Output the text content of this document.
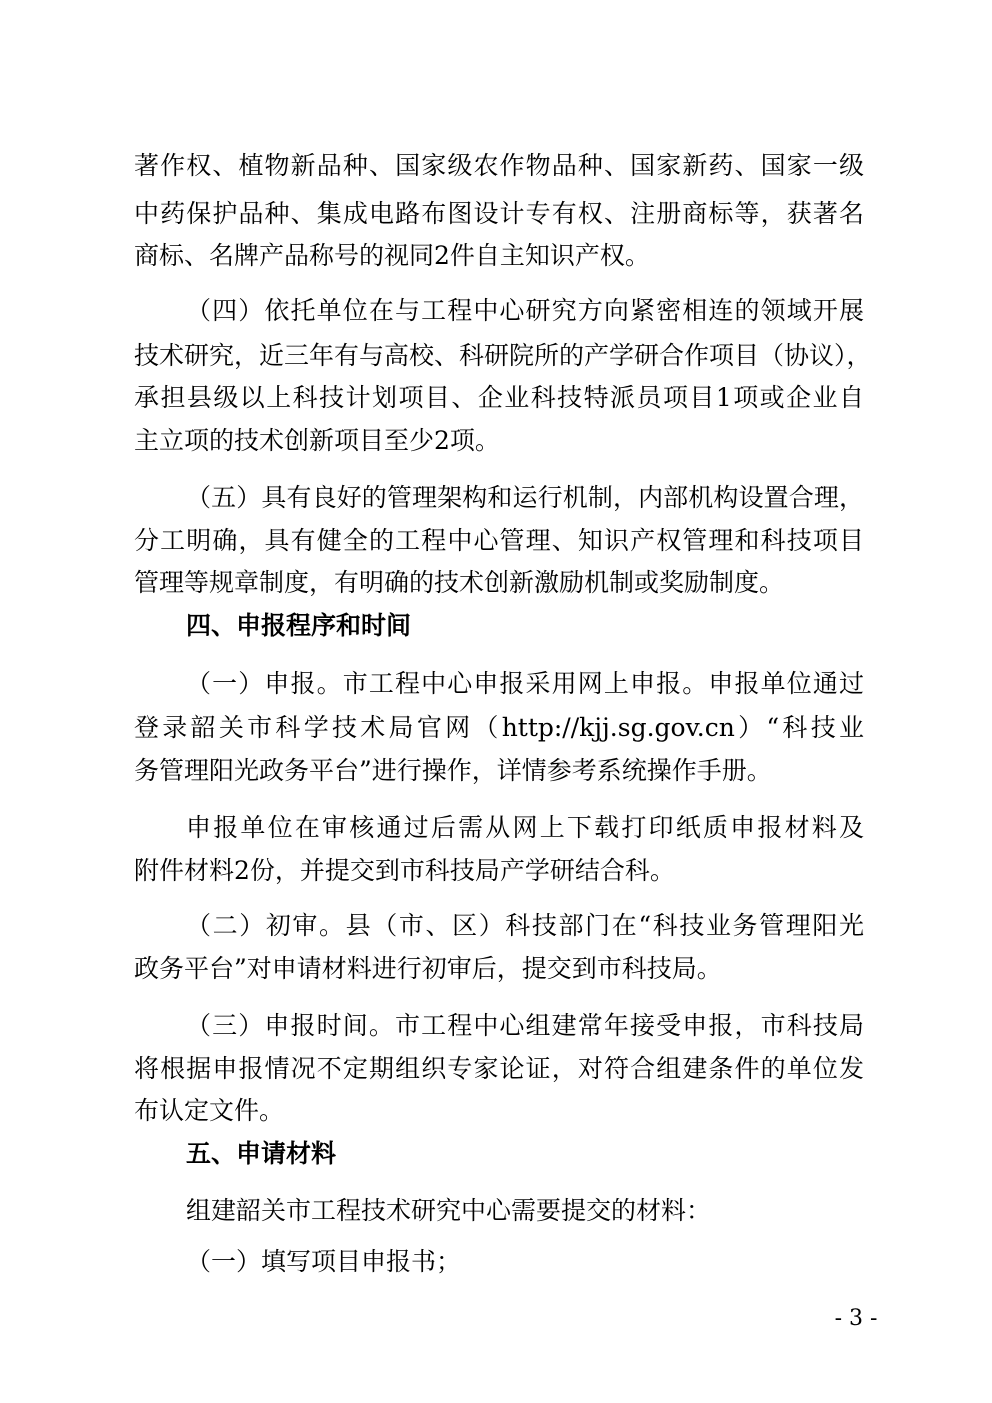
著作权、植物新品种、国家级农作物品种、国家新药、国家一级
中药保护品种、集成电路布图设计专有权、注册商标等，获著名
商标、名牌产品称号的视同2件自主知识产权。
（四）依托单位在与工程中心研究方向紧密相连的领域开展
技术研究，近三年有与高校、科研院所的产学研合作项目（协议），
承担县级以上科技计划项目、企业科技特派员项目1项或企业自
主立项的技术创新项目至少2项。
（五）具有良好的管理架构和运行机制，内部机构设置合理，
分工明确，具有健全的工程中心管理、知识产权管理和科技项目
管理等规章制度，有明确的技术创新激励机制或奖励制度。
四、申报程序和时间
（一）申报。市工程中心申报采用网上申报。申报单位通过
登录韶关市科学技术局官网（http://kjj.sg.gov.cn）“科技业
务管理阳光政务平台”进行操作，详情参考系统操作手册。
申报单位在审核通过后需从网上下载打印纸质申报材料及
附件材料2份，并提交到市科技局产学研结合科。
（二）初审。县（市、区）科技部门在“科技业务管理阳光
政务平台”对申请材料进行初审后，提交到市科技局。
（三）申报时间。市工程中心组建常年接受申报，市科技局
将根据申报情况不定期组织专家论证，对符合组建条件的单位发
布认定文件。
五、申请材料
组建韶关市工程技术研究中心需要提交的材料：
（一）填写项目申报书；
- 3 -
